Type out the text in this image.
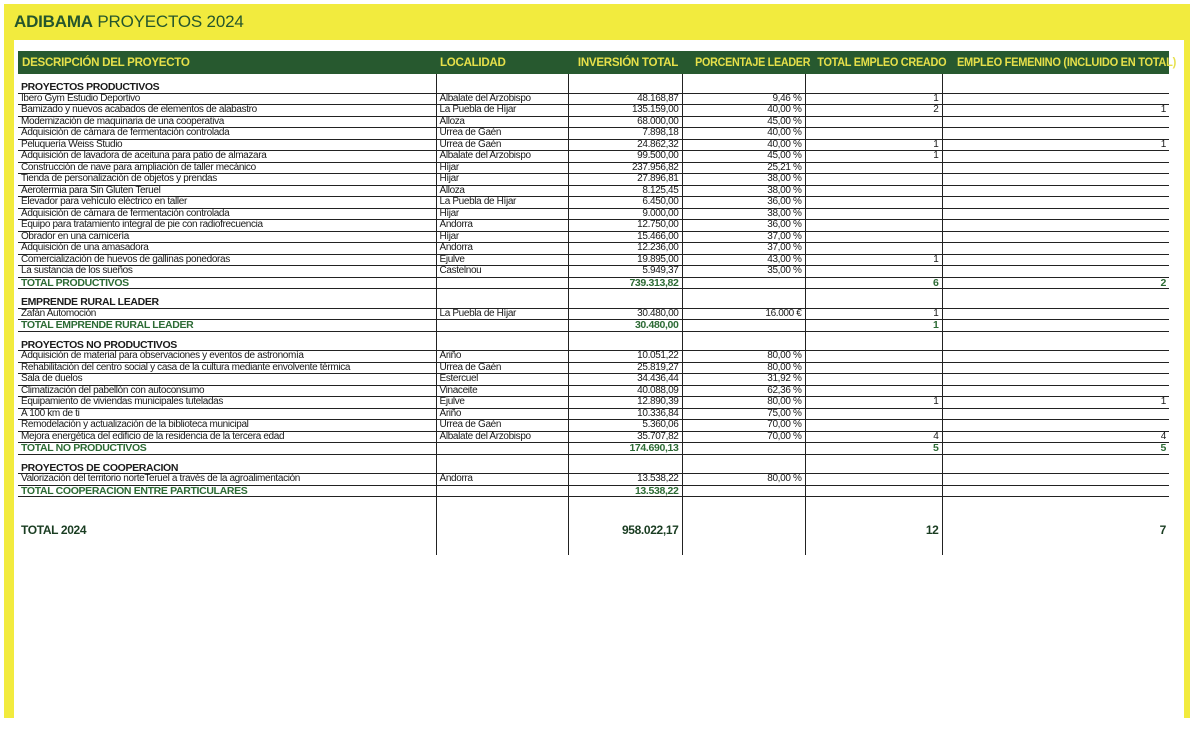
ADIBAMA PROYECTOS 2024
DESCRIPCIÓN DEL PROYECTO	LOCALIDAD	INVERSIÓN TOTAL	PORCENTAJE LEADER	TOTAL EMPLEO CREADO	EMPLEO FEMENINO (INCLUIDO EN TOTAL)

PROYECTOS PRODUCTIVOS					
Ibero Gym Estudio Deportivo	Albalate del Arzobispo	48.168,87	9,46 %	1	
Bamizado y nuevos acabados de elementos de alabastro	La Puebla de Híjar	135.159,00	40,00 %	2	1
Modernización de maquinaria de una cooperativa	Alloza	68.000,00	45,00 %		
Adquisición de cámara de fermentación controlada	Urrea de Gaén	7.898,18	40,00 %		
Peluquería Weiss Studio	Urrea de Gaén	24.862,32	40,00 %	1	1
Adquisición de lavadora de aceituna para patio de almazara	Albalate del Arzobispo	99.500,00	45,00 %	1	
Construcción de nave para ampliación de taller mecánico	Híjar	237.956,82	25,21 %		
Tienda de personalización de objetos y prendas	Híjar	27.896,81	38,00 %		
Aerotermia para Sin Gluten Teruel	Alloza	8.125,45	38,00 %		
Elevador para vehículo eléctrico en taller	La Puebla de Híjar	6.450,00	36,00 %		
Adquisición de cámara de fermentación controlada	Híjar	9.000,00	38,00 %		
Equipo para tratamiento integral de pie con radiofrecuencia	Andorra	12.750,00	36,00 %		
Obrador en una carnicería	Híjar	15.466,00	37,00 %		
Adquisición de una amasadora	Andorra	12.236,00	37,00 %		
Comercialización de huevos de gallinas ponedoras	Ejulve	19.895,00	43,00 %	1	
La sustancia de los sueños	Castelnou	5.949,37	35,00 %		
TOTAL PRODUCTIVOS		739.313,82		6	2

EMPRENDE RURAL LEADER					
Zafán Automoción	La Puebla de Híjar	30.480,00	16.000 €	1	
TOTAL EMPRENDE RURAL LEADER		30.480,00		1	

PROYECTOS NO PRODUCTIVOS					
Adquisición de material para observaciones y eventos de astronomía	Ariño	10.051,22	80,00 %		
Rehabilitación del centro social y casa de la cultura mediante envolvente térmica	Urrea de Gaén	25.819,27	80,00 %		
Sala de duelos	Estercuel	34.436,44	31,92 %		
Climatización del pabellón con autoconsumo	Vinaceite	40.088,09	62,36 %		
Equipamiento de viviendas municipales tuteladas	Ejulve	12.890,39	80,00 %	1	1
A 100 km de ti	Ariño	10.336,84	75,00 %		
Remodelación y actualización de la biblioteca municipal	Urrea de Gaén	5.360,06	70,00 %		
Mejora energética del edificio de la residencia de la tercera edad	Albalate del Arzobispo	35.707,82	70,00 %	4	4
TOTAL NO PRODUCTIVOS		174.690,13		5	5

PROYECTOS DE COOPERACIÓN					
Valorización del territorio norteTeruel a través de la agroalimentación	Andorra	13.538,22	80,00 %		
TOTAL COOPERACION ENTRE PARTICULARES		13.538,22			

TOTAL 2024		958.022,17		12	7
